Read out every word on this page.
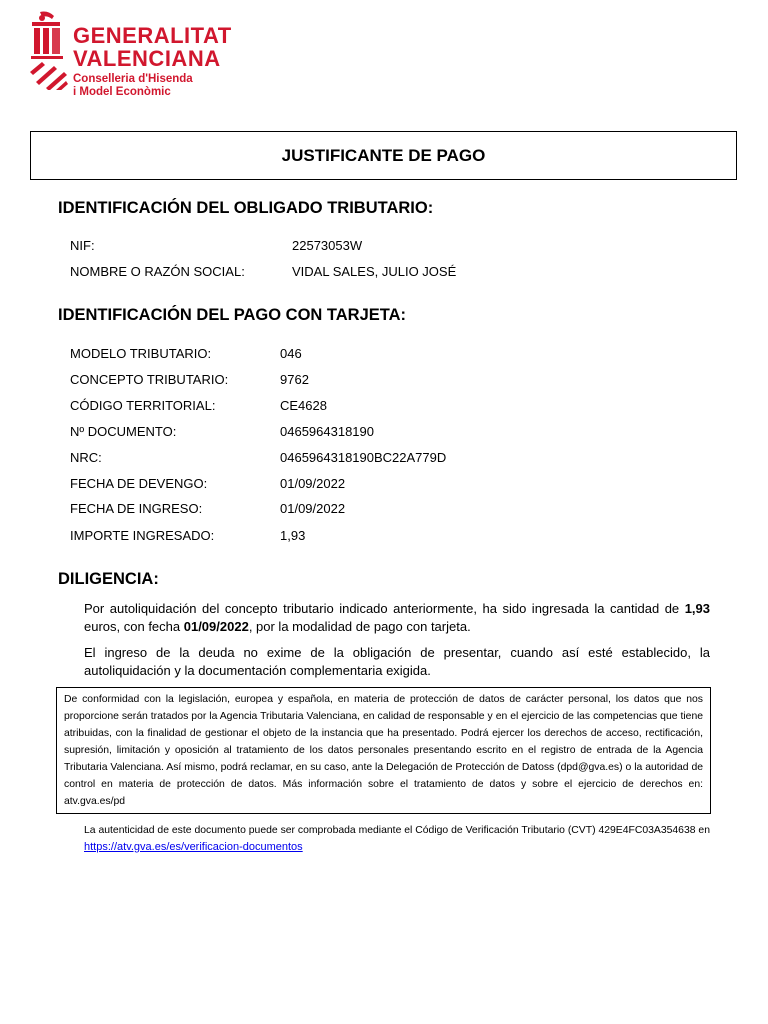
GENERALITAT
VALENCIANA
Conselleria d'Hisenda
i Model Econòmic
JUSTIFICANTE DE PAGO
IDENTIFICACIÓN DEL OBLIGADO TRIBUTARIO:
NIF:	22573053W
NOMBRE O RAZÓN SOCIAL:	VIDAL SALES, JULIO JOSÉ
IDENTIFICACIÓN DEL PAGO CON TARJETA:
MODELO TRIBUTARIO:	046
CONCEPTO TRIBUTARIO:	9762
CÓDIGO TERRITORIAL:	CE4628
Nº DOCUMENTO:	0465964318190
NRC:	0465964318190BC22A779D
FECHA DE DEVENGO:	01/09/2022
FECHA DE INGRESO:	01/09/2022
IMPORTE INGRESADO:	1,93
DILIGENCIA:
Por autoliquidación del concepto tributario indicado anteriormente, ha sido ingresada la cantidad de 1,93 euros, con fecha 01/09/2022, por la modalidad de pago con tarjeta.
El ingreso de la deuda no exime de la obligación de presentar, cuando así esté establecido, la autoliquidación y la documentación complementaria exigida.
De conformidad con la legislación, europea y española, en materia de protección de datos de carácter personal, los datos que nos proporcione serán tratados por la Agencia Tributaria Valenciana, en calidad de responsable y en el ejercicio de las competencias que tiene atribuidas, con la finalidad de gestionar el objeto de la instancia que ha presentado. Podrá ejercer los derechos de acceso, rectificación, supresión, limitación y oposición al tratamiento de los datos personales presentando escrito en el registro de entrada de la Agencia Tributaria Valenciana. Así mismo, podrá reclamar, en su caso, ante la Delegación de Protección de Datoss (dpd@gva.es) o la autoridad de control en materia de protección de datos. Más información sobre el tratamiento de datos y sobre el ejercicio de derechos en: atv.gva.es/pd
La autenticidad de este documento puede ser comprobada mediante el Código de Verificación Tributario (CVT) 429E4FC03A354638 en https://atv.gva.es/es/verificacion-documentos
